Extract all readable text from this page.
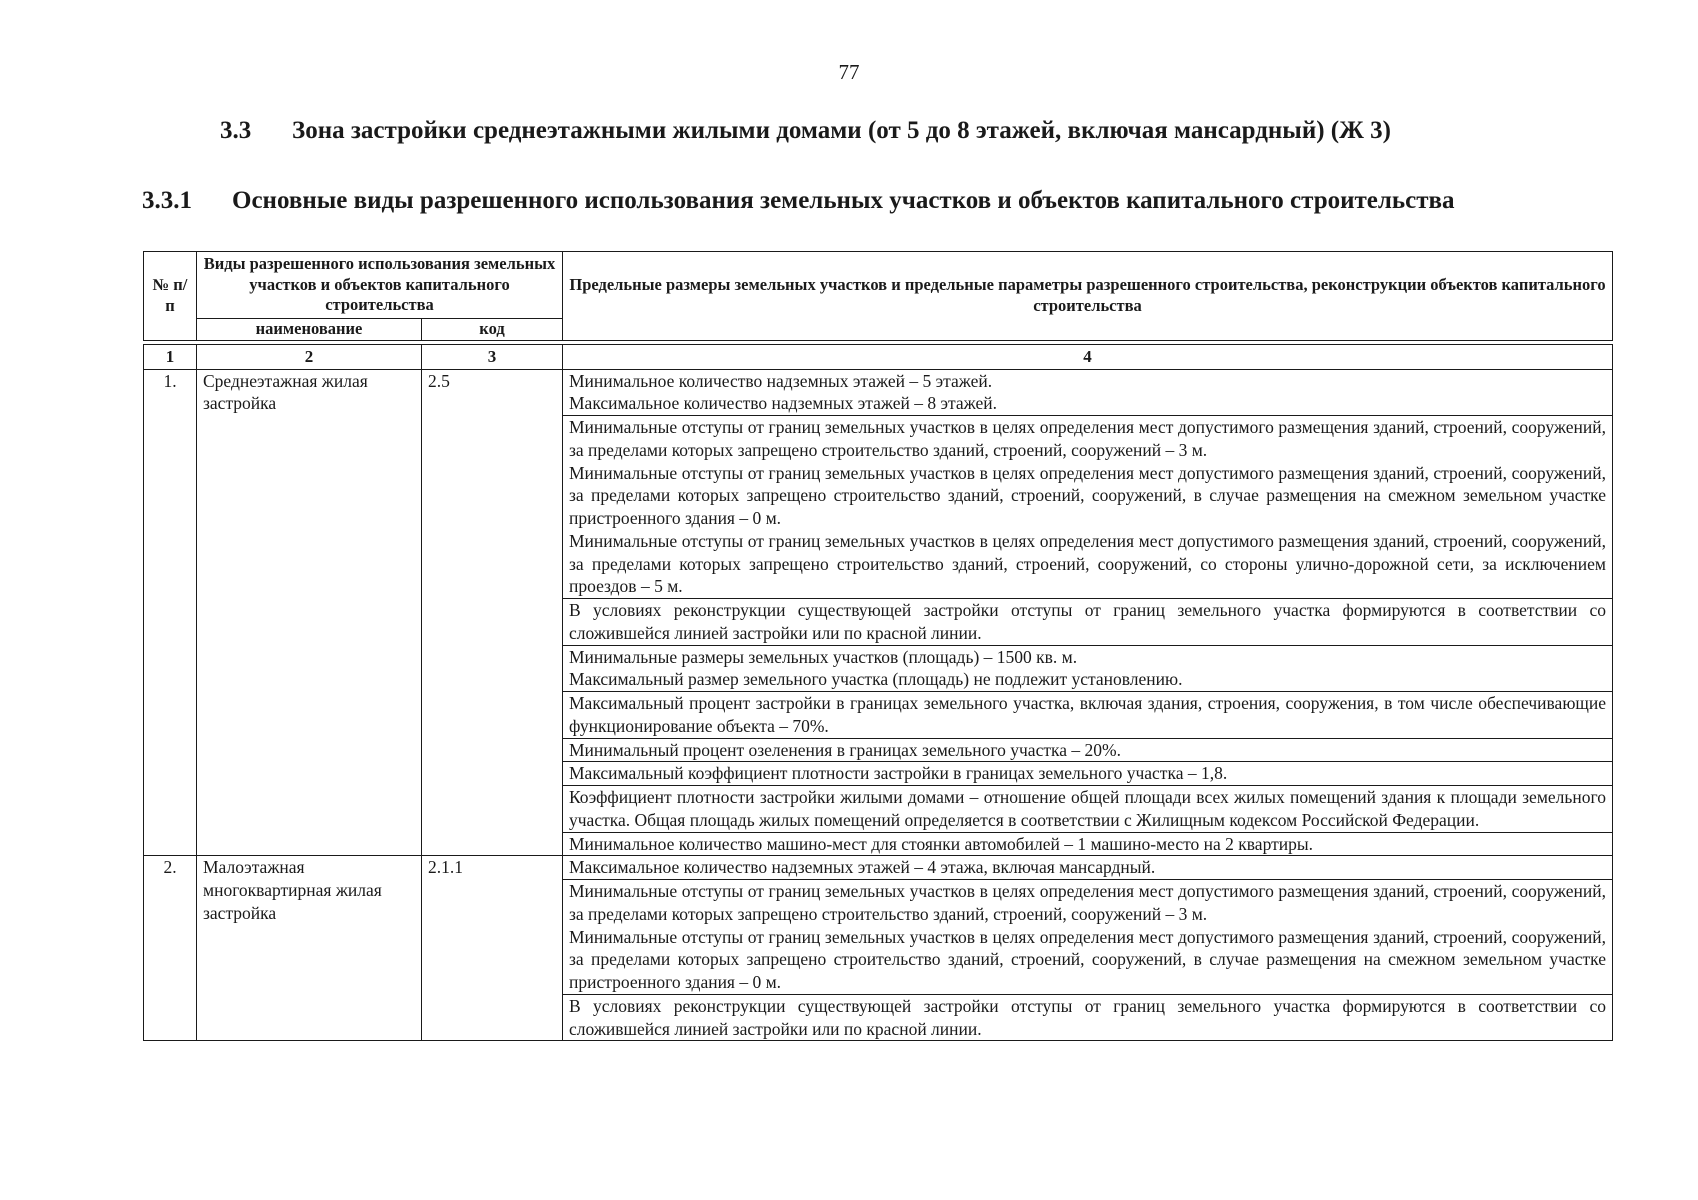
77
3.3 Зона застройки среднеэтажными жилыми домами (от 5 до 8 этажей, включая мансардный) (Ж 3)
3.3.1 Основные виды разрешенного использования земельных участков и объектов капитального строительства
№ п/п	Виды разрешенного использования земельных участков и объектов капитального строительства		Предельные размеры земельных участков и предельные параметры разрешенного строительства, реконструкции объектов капитального строительства
	наименование	код	

1	2	3	4
1.	Среднеэтажная жилая застройка	2.5	Минимальное количество надземных этажей – 5 этажей.
Максимальное количество надземных этажей – 8 этажей.

			Минимальные отступы от границ земельных участков в целях определения мест допустимого размещения зданий, строений, сооружений, за пределами которых запрещено строительство зданий, строений, сооружений – 3 м.
Минимальные отступы от границ земельных участков в целях определения мест допустимого размещения зданий, строений, сооружений, за пределами которых запрещено строительство зданий, строений, сооружений, в случае размещения на смежном земельном участке пристроенного здания – 0 м.
Минимальные отступы от границ земельных участков в целях определения мест допустимого размещения зданий, строений, сооружений, за пределами которых запрещено строительство зданий, строений, сооружений, со стороны улично-дорожной сети, за исключением проездов – 5 м.

			В условиях реконструкции существующей застройки отступы от границ земельного участка формируются в соответствии со сложившейся линией застройки или по красной линии.

			Минимальные размеры земельных участков (площадь) – 1500 кв. м.
Максимальный размер земельного участка (площадь) не подлежит установлению.

			Максимальный процент застройки в границах земельного участка, включая здания, строения, сооружения, в том числе обеспечивающие функционирование объекта – 70%.

			Минимальный процент озеленения в границах земельного участка – 20%.

			Максимальный коэффициент плотности застройки в границах земельного участка – 1,8.

			Коэффициент плотности застройки жилыми домами – отношение общей площади всех жилых помещений здания к площади земельного участка. Общая площадь жилых помещений определяется в соответствии с Жилищным кодексом Российской Федерации.

			Минимальное количество машино-мест для стоянки автомобилей – 1 машино-место на 2 квартиры.

2.	Малоэтажная многоквартирная жилая застройка	2.1.1	Максимальное количество надземных этажей – 4 этажа, включая мансардный.

			Минимальные отступы от границ земельных участков в целях определения мест допустимого размещения зданий, строений, сооружений, за пределами которых запрещено строительство зданий, строений, сооружений – 3 м.
Минимальные отступы от границ земельных участков в целях определения мест допустимого размещения зданий, строений, сооружений, за пределами которых запрещено строительство зданий, строений, сооружений, в случае размещения на смежном земельном участке пристроенного здания – 0 м.

			В условиях реконструкции существующей застройки отступы от границ земельного участка формируются в соответствии со сложившейся линией застройки или по красной линии.
